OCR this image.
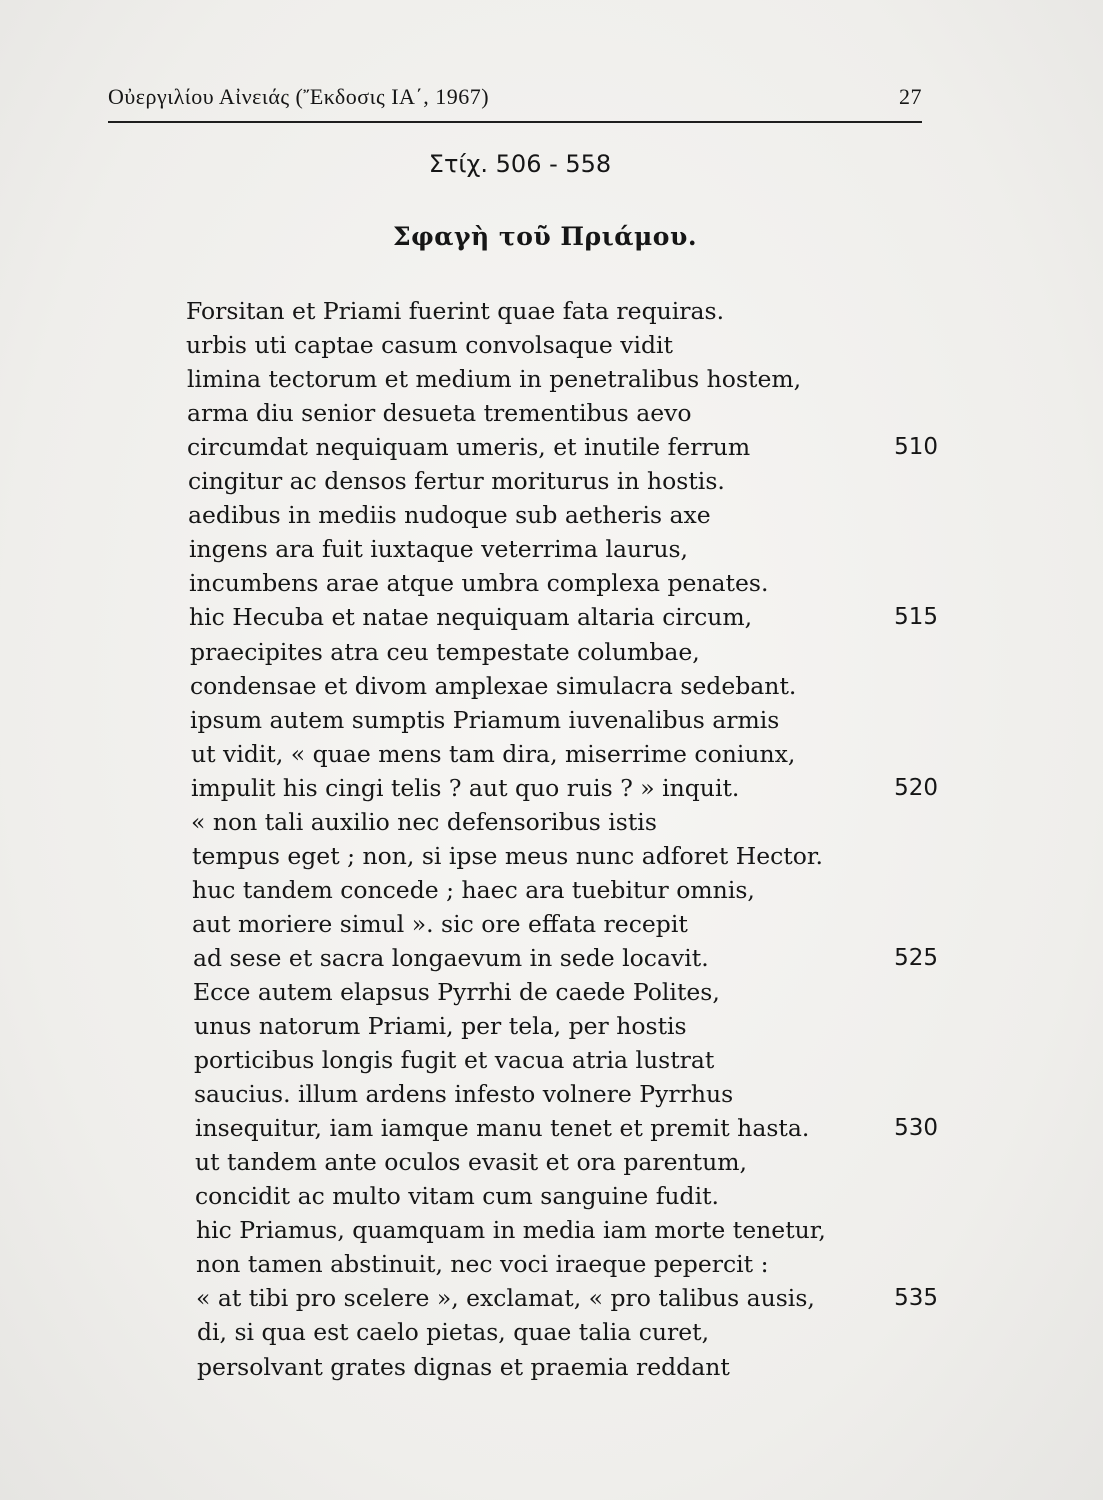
Οὐεργιλίου Αἰνειάς (Ἔκδοσις ΙΑ΄, 1967)	27
Στίχ. 506 - 558
Σφαγὴ τοῦ Πριάμου.
Forsitan et Priami fuerint quae fata requiras.
urbis uti captae casum convolsaque vidit
limina tectorum et medium in penetralibus hostem,
arma diu senior desueta trementibus aevo
circumdat nequiquam umeris, et inutile ferrum	510
cingitur ac densos fertur moriturus in hostis.
aedibus in mediis nudoque sub aetheris axe
ingens ara fuit iuxtaque veterrima laurus,
incumbens arae atque umbra complexa penates.
hic Hecuba et natae nequiquam altaria circum,	515
praecipites atra ceu tempestate columbae,
condensae et divom amplexae simulacra sedebant.
ipsum autem sumptis Priamum iuvenalibus armis
ut vidit, « quae mens tam dira, miserrime coniunx,
impulit his cingi telis ? aut quo ruis ? » inquit.	520
« non tali auxilio nec defensoribus istis
tempus eget ; non, si ipse meus nunc adforet Hector.
huc tandem concede ; haec ara tuebitur omnis,
aut moriere simul ». sic ore effata recepit
ad sese et sacra longaevum in sede locavit.	525
Ecce autem elapsus Pyrrhi de caede Polites,
unus natorum Priami, per tela, per hostis
porticibus longis fugit et vacua atria lustrat
saucius. illum ardens infesto volnere Pyrrhus
insequitur, iam iamque manu tenet et premit hasta.	530
ut tandem ante oculos evasit et ora parentum,
concidit ac multo vitam cum sanguine fudit.
hic Priamus, quamquam in media iam morte tenetur,
non tamen abstinuit, nec voci iraeque pepercit :
« at tibi pro scelere », exclamat, « pro talibus ausis,	535
di, si qua est caelo pietas, quae talia curet,
persolvant grates dignas et praemia reddant
